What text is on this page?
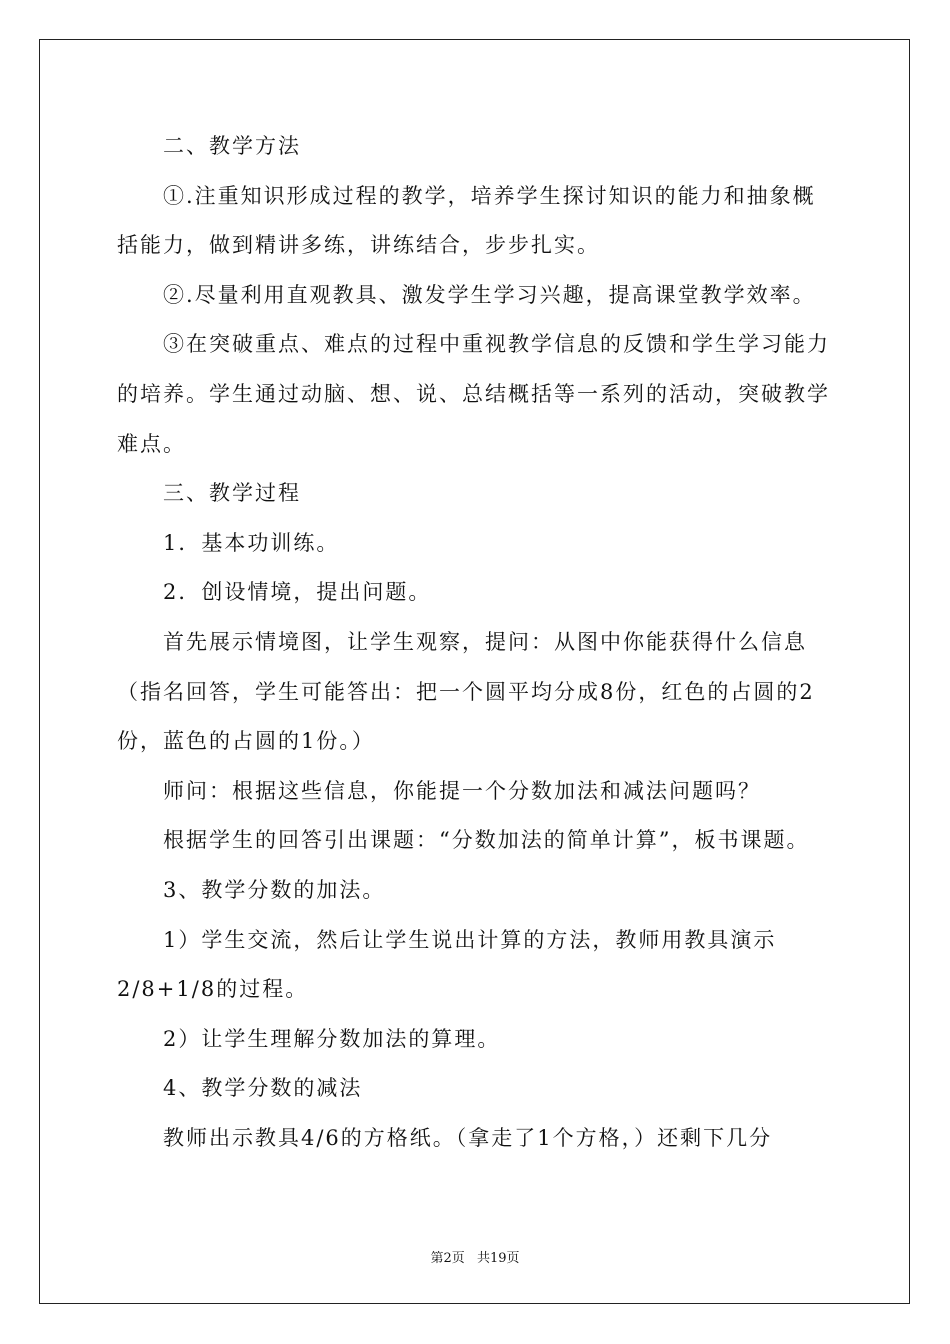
二、教学方法

①.注重知识形成过程的教学，培养学生探讨知识的能力和抽象概括能力，做到精讲多练，讲练结合，步步扎实。

②.尽量利用直观教具、激发学生学习兴趣，提高课堂教学效率。

③在突破重点、难点的过程中重视教学信息的反馈和学生学习能力的培养。学生通过动脑、想、说、总结概括等一系列的活动，突破教学难点。

三、教学过程

1．基本功训练。

2．创设情境，提出问题。

首先展示情境图，让学生观察，提问：从图中你能获得什么信息（指名回答，学生可能答出：把一个圆平均分成8份，红色的占圆的2份，蓝色的占圆的1份。）

师问：根据这些信息，你能提一个分数加法和减法问题吗？

根据学生的回答引出课题：“分数加法的简单计算”，板书课题。

3、教学分数的加法。

1）学生交流，然后让学生说出计算的方法，教师用教具演示2/8+1/8的过程。

2）让学生理解分数加法的算理。

4、教学分数的减法

教师出示教具4/6的方格纸。（拿走了1个方格，）还剩下几分

第2页 共19页
